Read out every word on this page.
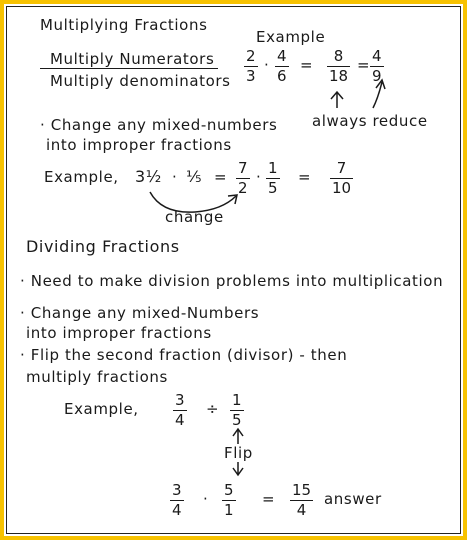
Multiplying Fractions
Multiply Numerators
Multiply denominators
Example
2
3
· 4
6
= 8
18
= 4
9
always reduce
· Change any mixed-numbers
into improper fractions
Example, 3½ · ⅕ = 7
2
· 1
5
= 7
10
change
Dividing Fractions
· Need to make division problems into multiplication
· Change any mixed-Numbers
into improper fractions
· Flip the second fraction (divisor) - then
multiply fractions
Example, 3
4
÷ 1
5
Flip
3
4
· 5
1
= 15
4
answer
